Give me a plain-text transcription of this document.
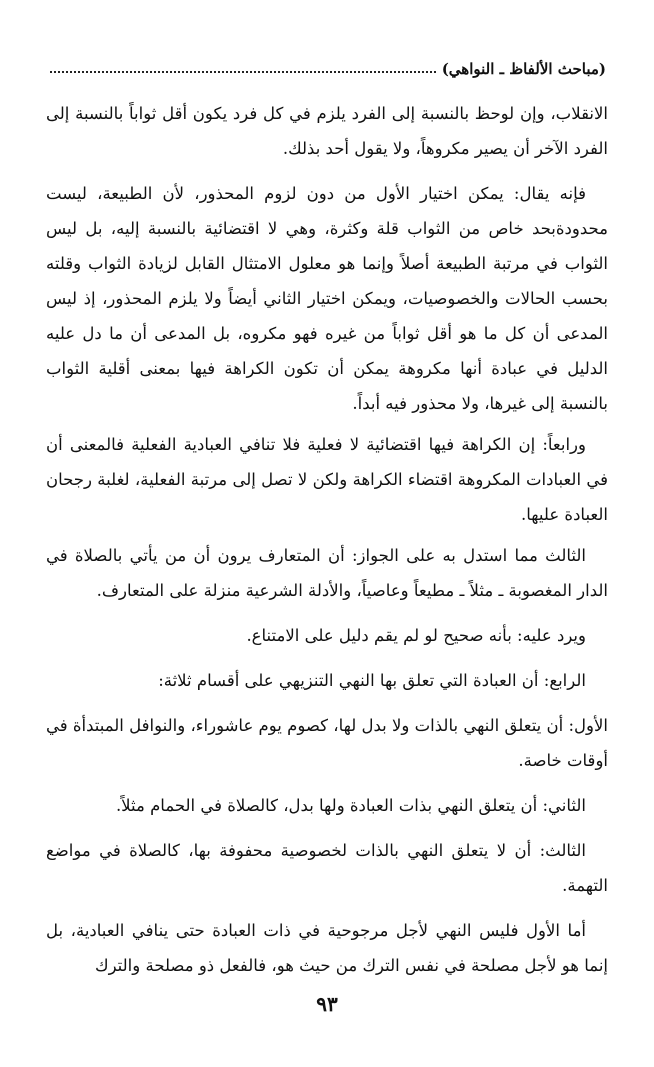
(مباحث الألفاظ ـ النواهي)

الانقلاب، وإن لوحظ بالنسبة إلى الفرد يلزم في كل فرد يكون أقل ثواباً بالنسبة إلى الفرد الآخر أن يصير مكروهاً، ولا يقول أحد بذلك.

فإنه يقال: يمكن اختيار الأول من دون لزوم المحذور، لأن الطبيعة، ليست محدودةبحد خاص من الثواب قلة وكثرة، وهي لا اقتضائية بالنسبة إليه، بل ليس الثواب في مرتبة الطبيعة أصلاً وإنما هو معلول الامتثال القابل لزيادة الثواب وقلته بحسب الحالات والخصوصيات، ويمكن اختيار الثاني أيضاً ولا يلزم المحذور، إذ ليس المدعى أن كل ما هو أقل ثواباً من غيره فهو مكروه، بل المدعى أن ما دل عليه الدليل في عبادة أنها مكروهة يمكن أن تكون الكراهة فيها بمعنى أقلية الثواب بالنسبة إلى غيرها، ولا محذور فيه أبداً.

ورابعاً: إن الكراهة فيها اقتضائية لا فعلية فلا تنافي العبادية الفعلية فالمعنى أن في العبادات المكروهة اقتضاء الكراهة ولكن لا تصل إلى مرتبة الفعلية، لغلبة رجحان العبادة عليها.

الثالث مما استدل به على الجواز: أن المتعارف يرون أن من يأتي بالصلاة في الدار المغصوبة ـ مثلاً ـ مطيعاً وعاصياً، والأدلة الشرعية منزلة على المتعارف.

ويرد عليه: بأنه صحيح لو لم يقم دليل على الامتناع.

الرابع: أن العبادة التي تعلق بها النهي التنزيهي على أقسام ثلاثة:

الأول: أن يتعلق النهي بالذات ولا بدل لها، كصوم يوم عاشوراء، والنوافل المبتدأة في أوقات خاصة.

الثاني: أن يتعلق النهي بذات العبادة ولها بدل، كالصلاة في الحمام مثلاً.

الثالث: أن لا يتعلق النهي بالذات لخصوصية محفوفة بها، كالصلاة في مواضع التهمة.

أما الأول فليس النهي لأجل مرجوحية في ذات العبادة حتى ينافي العبادية، بل إنما هو لأجل مصلحة في نفس الترك من حيث هو، فالفعل ذو مصلحة والترك

٩٣
